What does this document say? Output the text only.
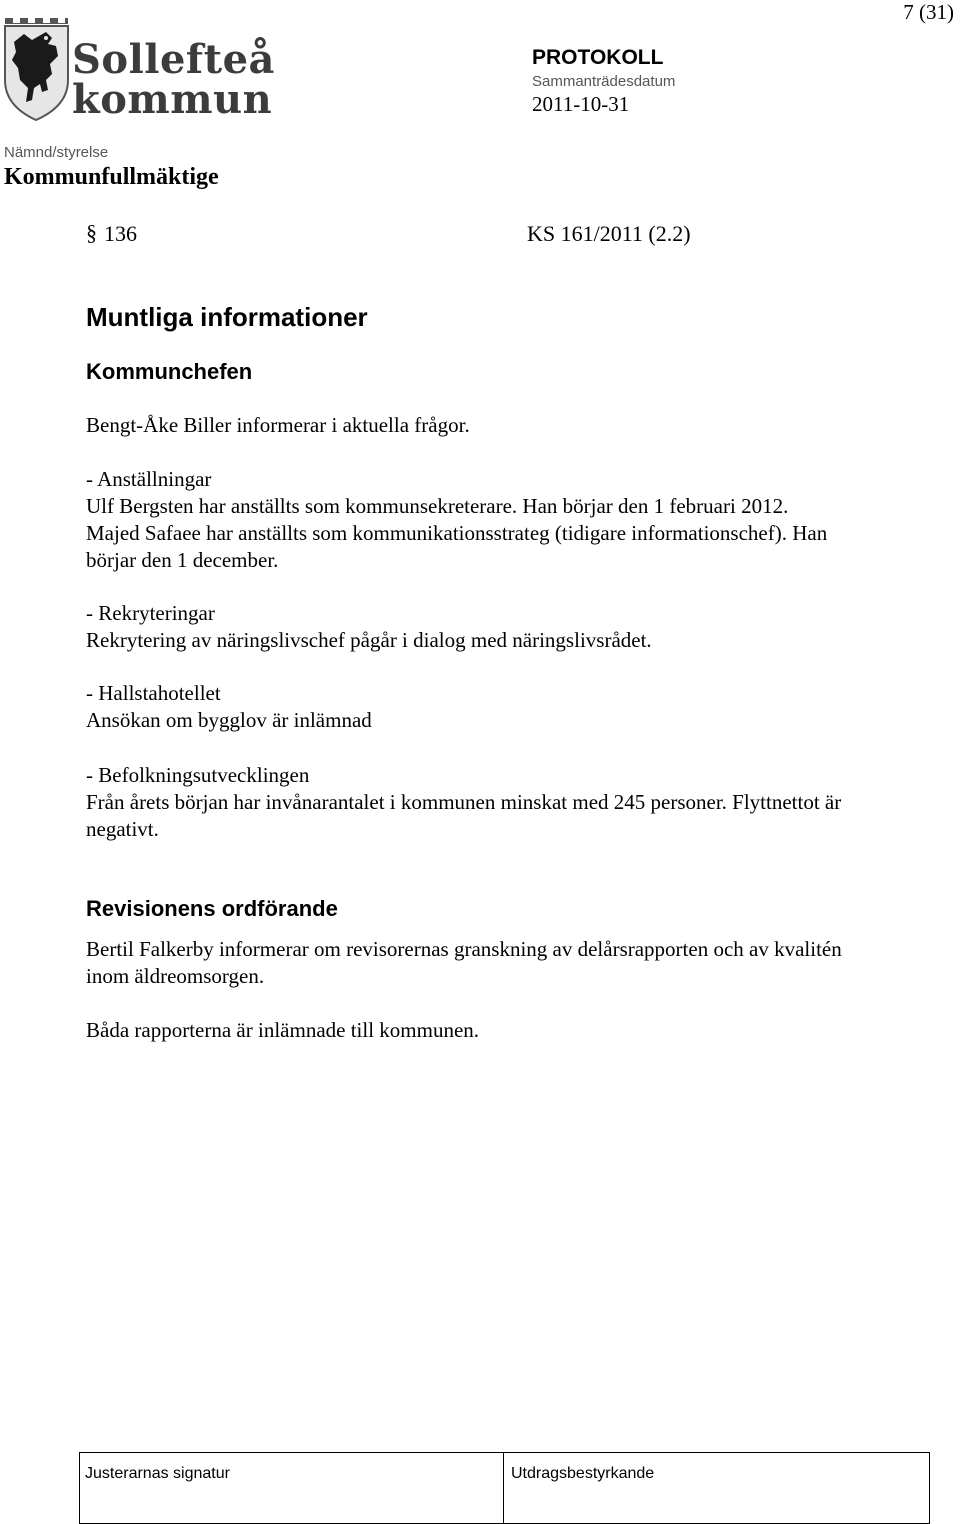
7 (31)
Sollefteå
kommun
PROTOKOLL
Sammanträdesdatum
2011-10-31
Nämnd/styrelse
Kommunfullmäktige
§ 136	KS 161/2011 (2.2)
Muntliga informationer
Kommunchefen

Bengt-Åke Biller informerar i aktuella frågor.

- Anställningar

Ulf Bergsten har anställts som kommunsekreterare. Han börjar den 1 februari 2012.

Majed Safaee har anställts som kommunikationsstrateg (tidigare informationschef). Han

börjar den 1 december.

- Rekryteringar

Rekrytering av näringslivschef pågår i dialog med näringslivsrådet.

- Hallstahotellet

Ansökan om bygglov är inlämnad

- Befolkningsutvecklingen

Från årets början har invånarantalet i kommunen minskat med 245 personer. Flyttnettot är

negativt.

Revisionens ordförande

Bertil Falkerby informerar om revisorernas granskning av delårsrapporten och av kvalitén

inom äldreomsorgen.

Båda rapporterna är inlämnade till kommunen.

Justerarnas signatur	Utdragsbestyrkande
